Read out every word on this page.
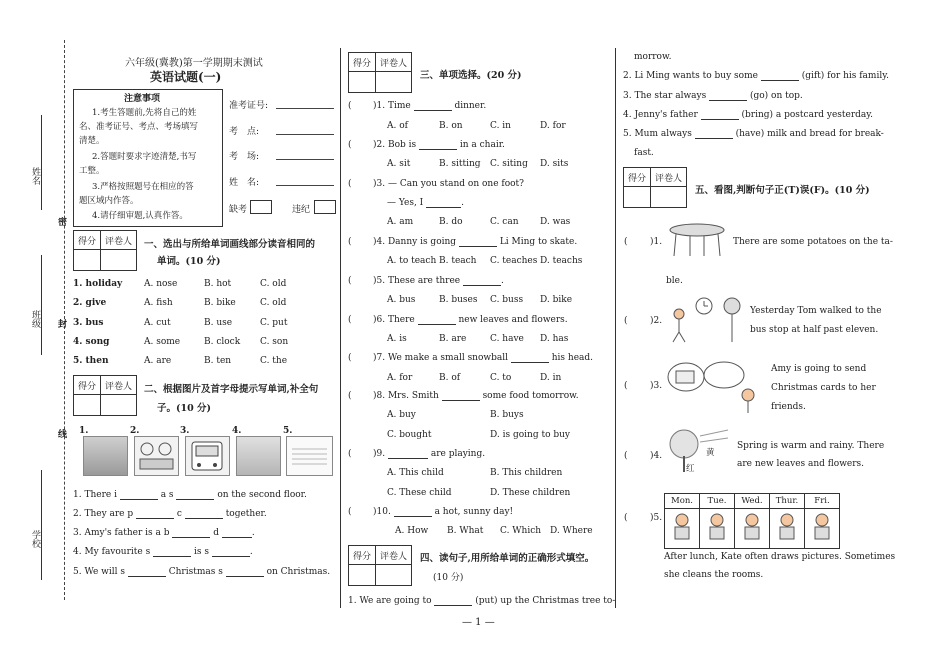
姓名
班级
学校
密
封
线
六年级(冀教)第一学期期末测试
英语试题(一)
注意事项
1.考生答题前,先将自己的姓
名、准考证号、考点、考场填写
清楚。
2.答题时要求字迹清楚,书写
工整。
3.严格按照题号在相应的答
题区域内作答。
4.请仔细审题,认真作答。
准考证号:
考　点:
考　场:
姓　名:
缺考	违纪
得分	评卷人
	一、选出与所给单词画线部分读音相同的
单词。(10 分)
1. holiday A. nose	B. hot	C. old
2. give	A. fish	B. bike	C. old
3. bus	A. cut	B. use	C. put
4. song	A. some	B. clock C. son
5. then	A. are	B. ten	C. the
得分	评卷人
	二、根据图片及首字母提示写单词,补全句
子。(10 分)
1.	2.	3.	4.	5.
1. There i	a s	on the second floor.
2. They are p	c	together.
3. Amy's father is a b	d	.
4. My favourite s	is s	.
5. We will s	Christmas s	on Christmas.
得分	评卷人

三、单项选择。(20 分)
( )1. Time	dinner.
A. of	B. on	C. in	D. for
( )2. Bob is	in a chair.
A. sit	B. sitting C. siting D. sits
( )3. — Can you stand on one foot?
— Yes, I	.
A. am	B. do	C. can D. was
( )4. Danny is going	Li Ming to skate.
A. to teach B. teach C. teaches D. teachs
( )5. These are three	.
A. bus	B. buses C. buss D. bike
( )6. There	new leaves and flowers.
A. is	B. are	C. have D. has
( )7. We make a small snowball	his head.
A. for	B. of	C. to	D. in
( )8. Mrs. Smith	some food tomorrow.
A. buy	B. buys
C. bought	D. is going to buy
( )9.	are playing.
A. This child	B. This children
C. These child	D. These children
( )10.	a hot, sunny day!
A. How B. What C. Which D. Where
得分	评卷人
	四、读句子,用所给单词的正确形式填空。
(10 分)
1. We are going to	(put) up the Christmas tree to-
— 1 —
morrow.
2. Li Ming wants to buy some	(gift) for his family.
3. The star always	(go) on top.
4. Jenny's father	(bring) a postcard yesterday.
5. Mum always	(have) milk and bread for break-
fast.
得分	评卷人

五、看图,判断句子正(T)误(F)。(10 分)
( )1.	There are some potatoes on the ta-
ble.
( )2.
Yesterday Tom walked to the
bus stop at half past eleven.
( )3.
Amy is going to send
Christmas cards to her
friends.
( )4.	黄
红
Spring is warm and rainy. There
are new leaves and flowers.
( )5.
Mon.	Tue.	Wed.	Thur.	Fri.

After lunch, Kate often draws pictures. Sometimes
she cleans the rooms.
